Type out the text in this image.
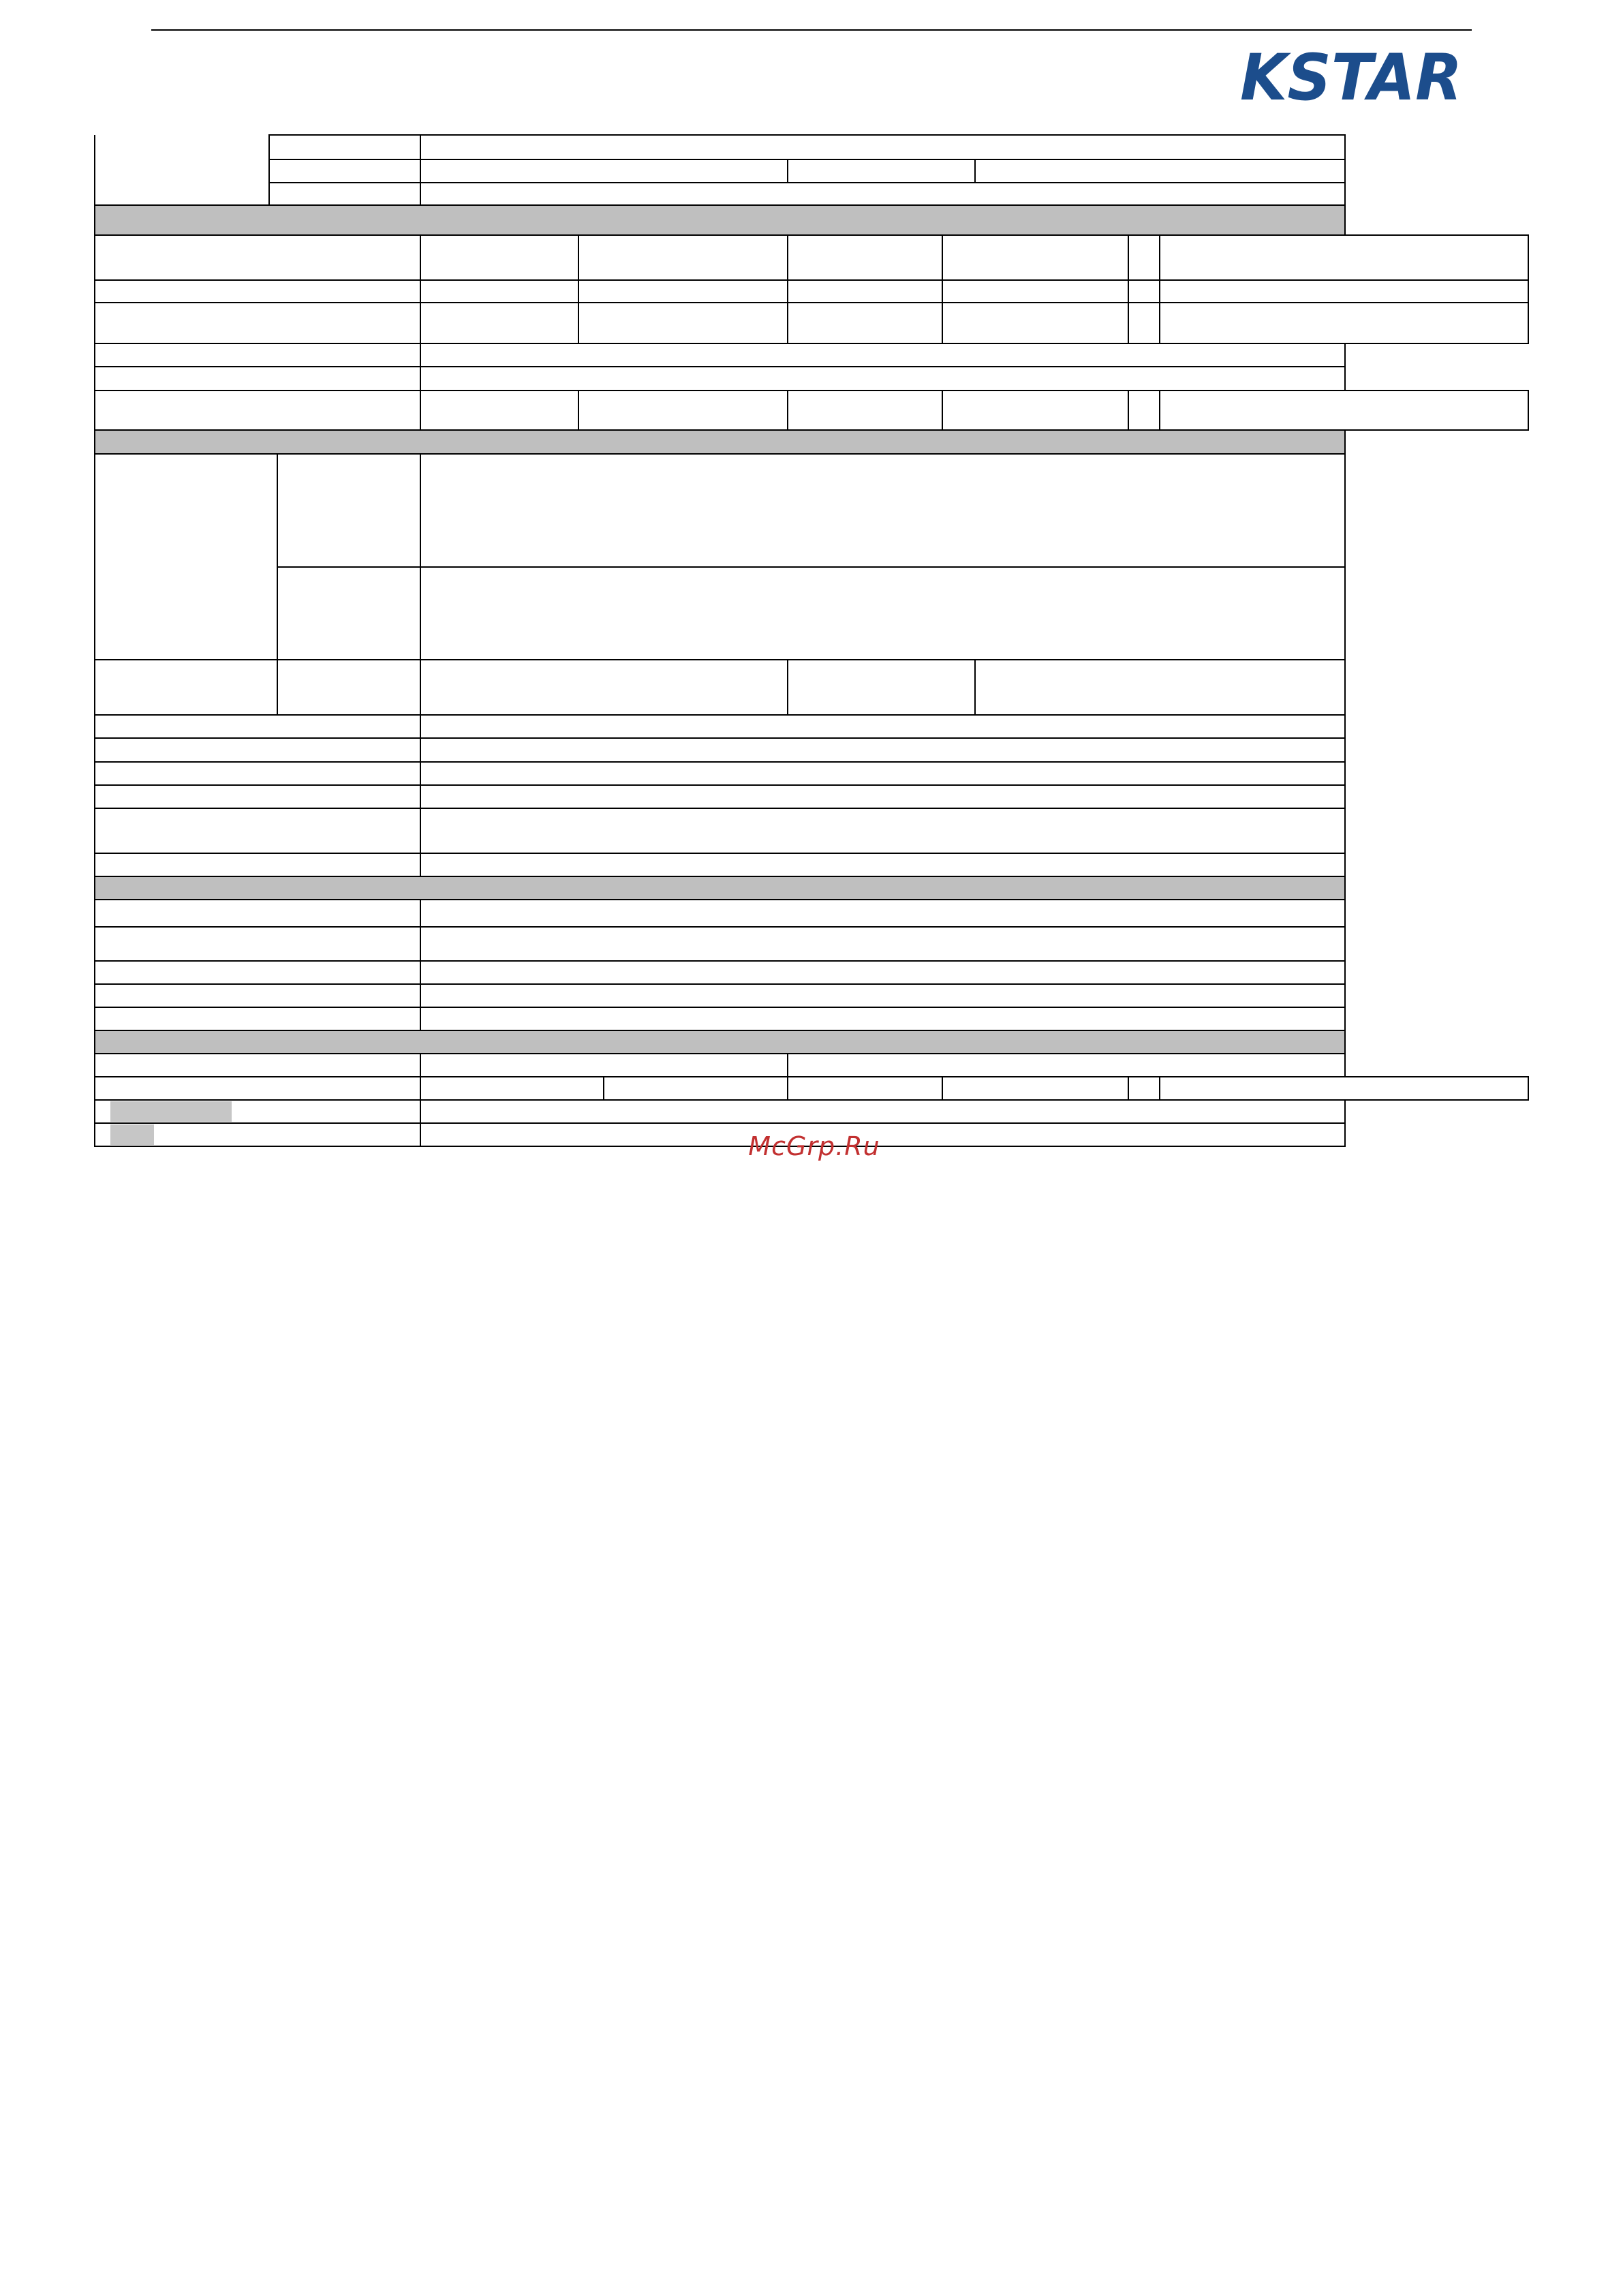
KSTAR

McGrp.Ru
